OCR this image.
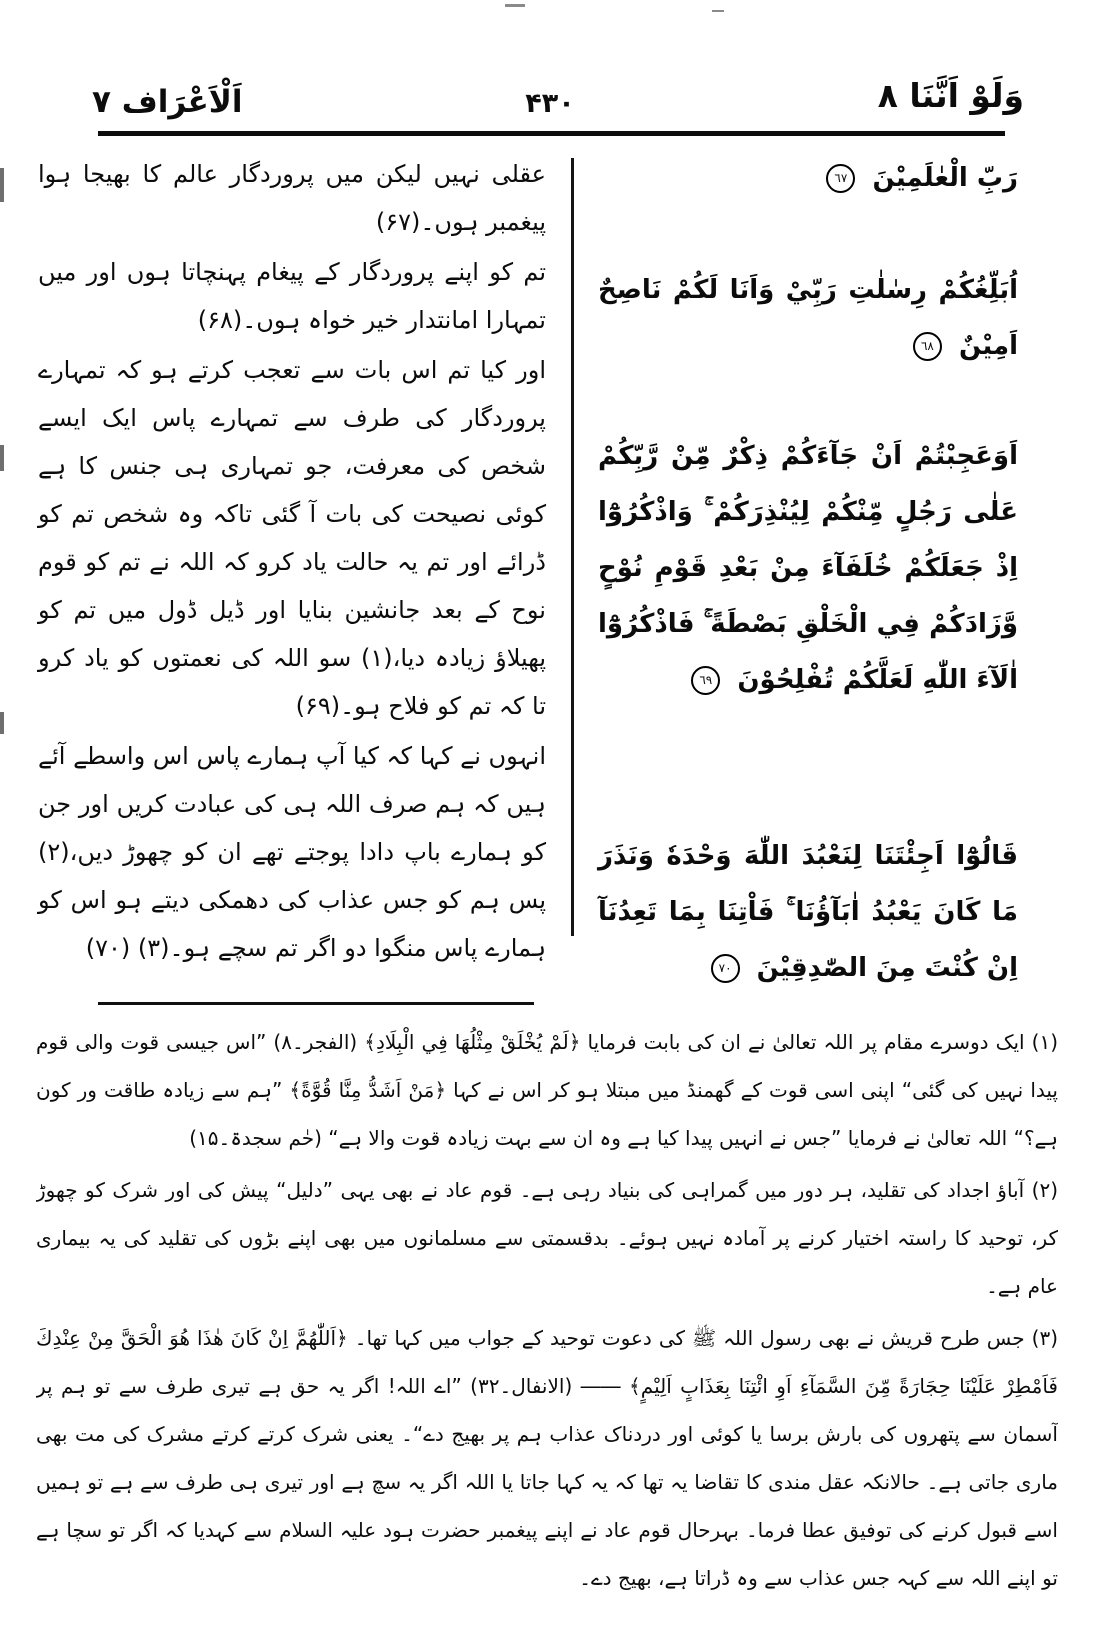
اَلْاَعْرَاف ۷	۴۳۰	وَلَوْ اَنَّنَا ۸

عقلی نہیں لیکن میں پروردگار عالم کا بھیجا ہوا پیغمبر ہوں۔(۶۷)

تم کو اپنے پروردگار کے پیغام پہنچاتا ہوں اور میں تمہارا امانتدار خیر خواہ ہوں۔(۶۸)

اور کیا تم اس بات سے تعجب کرتے ہو کہ تمہارے پروردگار کی طرف سے تمہارے پاس ایک ایسے شخص کی معرفت، جو تمہاری ہی جنس کا ہے کوئی نصیحت کی بات آ گئی تاکہ وہ شخص تم کو ڈرائے اور تم یہ حالت یاد کرو کہ اللہ نے تم کو قوم نوح کے بعد جانشین بنایا اور ڈیل ڈول میں تم کو پھیلاؤ زیادہ دیا،(۱) سو اللہ کی نعمتوں کو یاد کرو تا کہ تم کو فلاح ہو۔(۶۹)

انہوں نے کہا کہ کیا آپ ہمارے پاس اس واسطے آئے ہیں کہ ہم صرف اللہ ہی کی عبادت کریں اور جن کو ہمارے باپ دادا پوجتے تھے ان کو چھوڑ دیں،(۲) پس ہم کو جس عذاب کی دھمکی دیتے ہو اس کو ہمارے پاس منگوا دو اگر تم سچے ہو۔(۳) (۷۰)

رَبِّ الْعٰلَمِيْنَ ٦٧

اُبَلِّغُكُمْ رِسٰلٰتِ رَبِّيْ وَاَنَا لَكُمْ نَاصِحٌ اَمِيْنٌ ٦٨

اَوَعَجِبْتُمْ اَنْ جَآءَكُمْ ذِكْرٌ مِّنْ رَّبِّكُمْ عَلٰى رَجُلٍ مِّنْكُمْ لِيُنْذِرَكُمْ ۚ وَاذْكُرُوْٓا اِذْ جَعَلَكُمْ خُلَفَآءَ مِنْ بَعْدِ قَوْمِ نُوْحٍ وَّزَادَكُمْ فِي الْخَلْقِ بَصْطَةً ۚ فَاذْكُرُوْٓا اٰلَآءَ اللّٰهِ لَعَلَّكُمْ تُفْلِحُوْنَ ٦٩

قَالُوْٓا اَجِئْتَنَا لِنَعْبُدَ اللّٰهَ وَحْدَهٗ وَنَذَرَ مَا كَانَ يَعْبُدُ اٰبَآؤُنَا ۚ فَاْتِنَا بِمَا تَعِدُنَآ اِنْ كُنْتَ مِنَ الصّٰدِقِيْنَ ٧٠

(۱) ایک دوسرے مقام پر اللہ تعالیٰ نے ان کی بابت فرمایا ﴿لَمْ يُخْلَقْ مِثْلُهَا فِي الْبِلَادِ﴾ (الفجر۔۸) ”اس جیسی قوت والی قوم پیدا نہیں کی گئی“ اپنی اسی قوت کے گھمنڈ میں مبتلا ہو کر اس نے کہا ﴿مَنْ اَشَدُّ مِنَّا قُوَّةً﴾ ”ہم سے زیادہ طاقت ور کون ہے؟“ اللہ تعالیٰ نے فرمایا ”جس نے انہیں پیدا کیا ہے وہ ان سے بہت زیادہ قوت والا ہے“ (حٰم سجدۃ۔۱۵)

(۲) آباؤ اجداد کی تقلید، ہر دور میں گمراہی کی بنیاد رہی ہے۔ قوم عاد نے بھی یہی ”دلیل“ پیش کی اور شرک کو چھوڑ کر، توحید کا راستہ اختیار کرنے پر آمادہ نہیں ہوئے۔ بدقسمتی سے مسلمانوں میں بھی اپنے بڑوں کی تقلید کی یہ بیماری عام ہے۔

(۳) جس طرح قریش نے بھی رسول اللہ ﷺ کی دعوت توحید کے جواب میں کہا تھا۔ ﴿اَللّٰهُمَّ اِنْ كَانَ هٰذَا هُوَ الْحَقَّ مِنْ عِنْدِكَ فَاَمْطِرْ عَلَيْنَا حِجَارَةً مِّنَ السَّمَآءِ اَوِ ائْتِنَا بِعَذَابٍ اَلِيْمٍ﴾ ―― (الانفال۔۳۲) ”اے اللہ! اگر یہ حق ہے تیری طرف سے تو ہم پر آسمان سے پتھروں کی بارش برسا یا کوئی اور دردناک عذاب ہم پر بھیج دے“۔ یعنی شرک کرتے کرتے مشرک کی مت بھی ماری جاتی ہے۔ حالانکہ عقل مندی کا تقاضا یہ تھا کہ یہ کہا جاتا یا اللہ اگر یہ سچ ہے اور تیری ہی طرف سے ہے تو ہمیں اسے قبول کرنے کی توفیق عطا فرما۔ بہرحال قوم عاد نے اپنے پیغمبر حضرت ہود علیہ السلام سے کہدیا کہ اگر تو سچا ہے تو اپنے اللہ سے کہہ جس عذاب سے وہ ڈراتا ہے، بھیج دے۔
